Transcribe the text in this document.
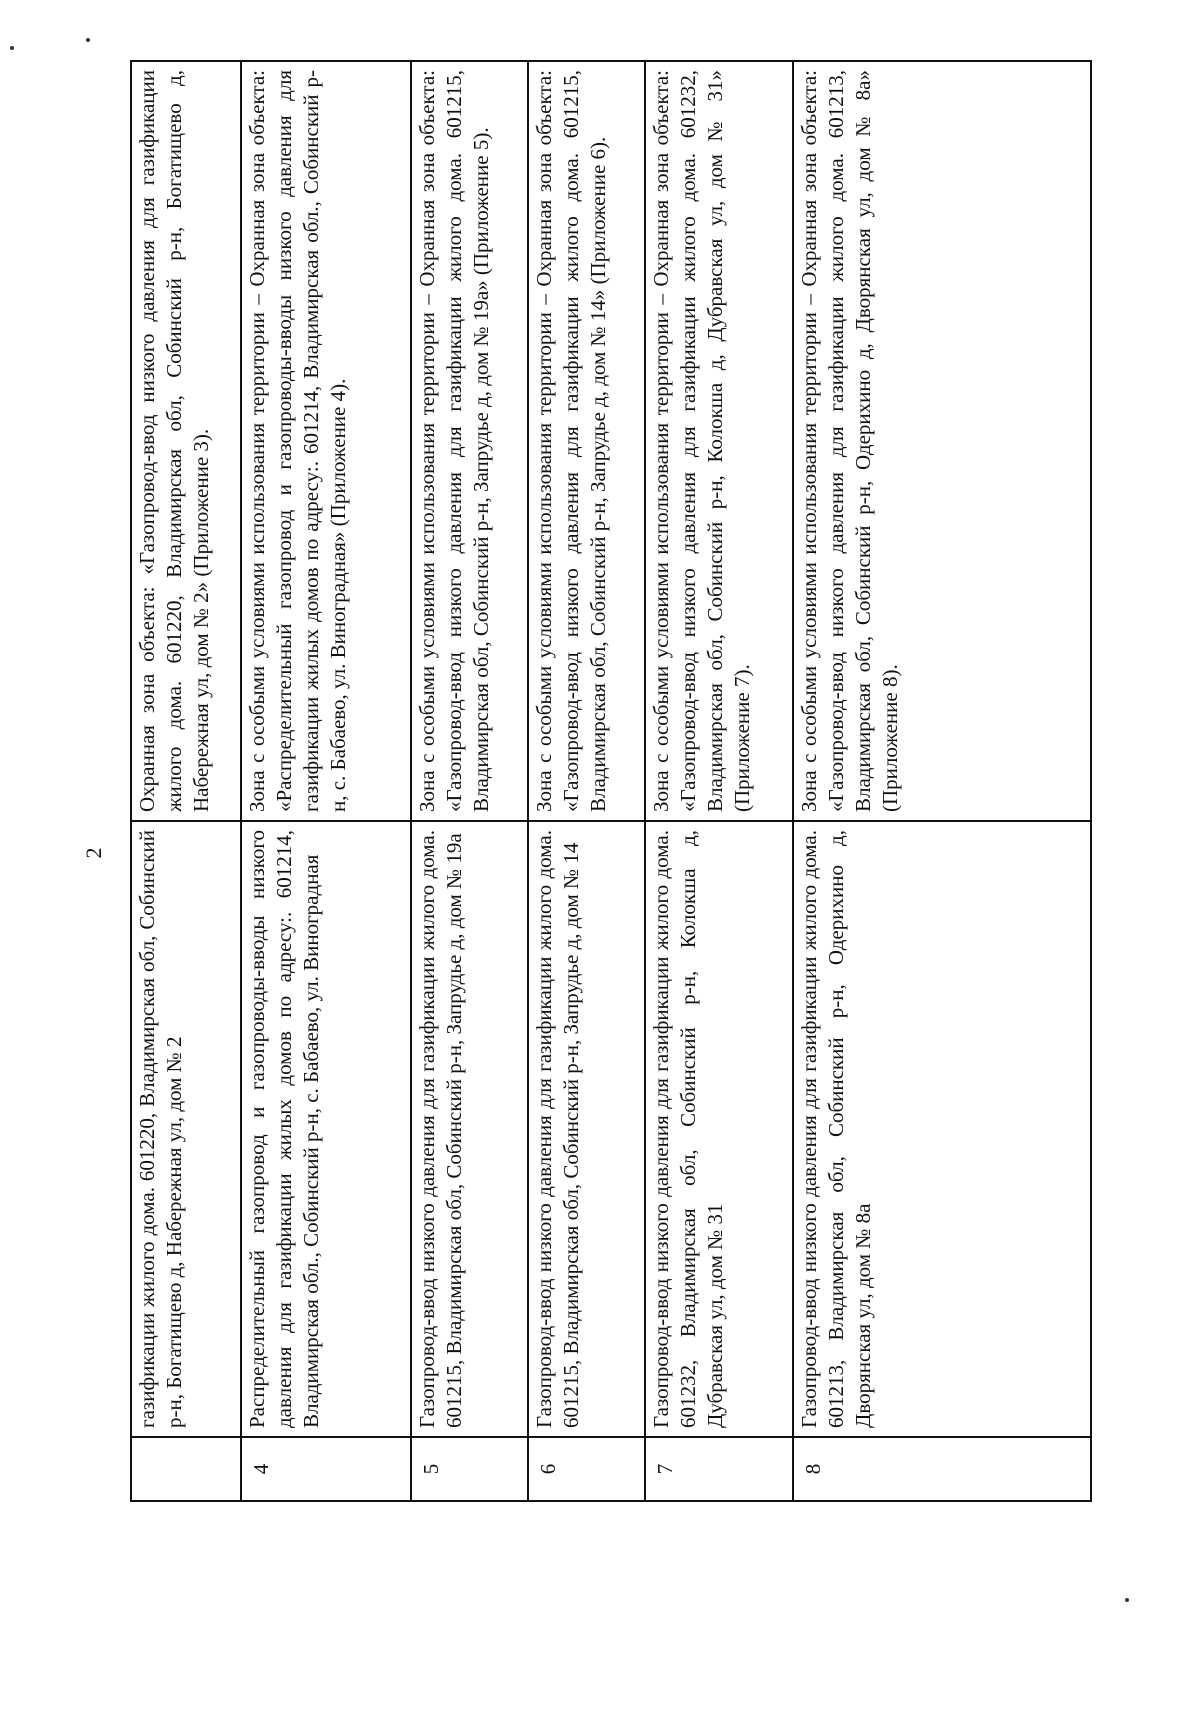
2
	газификации жилого дома. 601220, Владимирская обл, Собинский р-н, Богатищево д, Набережная ул, дом № 2	Охранная зона объекта: «Газопровод-ввод низкого давления для газификации жилого дома. 601220, Владимирская обл, Собинский р-н, Богатищево д, Набережная ул, дом № 2» (Приложение 3).
4	Распределительный газопровод и газопроводы-вводы низкого давления для газификации жилых домов по адресу:. 601214, Владимирская обл., Собинский р-н, с. Бабаево, ул. Виноградная	Зона с особыми условиями использования территории – Охранная зона объекта: «Распределительный газопровод и газопроводы-вводы низкого давления для газификации жилых домов по адресу:. 601214, Владимирская обл., Собинский р-н, с. Бабаево, ул. Виноградная» (Приложение 4).
5	Газопровод-ввод низкого давления для газификации жилого дома. 601215, Владимирская обл, Собинский р-н, Запрудье д, дом № 19а	Зона с особыми условиями использования территории – Охранная зона объекта: «Газопровод-ввод низкого давления для газификации жилого дома. 601215, Владимирская обл, Собинский р-н, Запрудье д, дом № 19а» (Приложение 5).
6	Газопровод-ввод низкого давления для газификации жилого дома. 601215, Владимирская обл, Собинский р-н, Запрудье д, дом № 14	Зона с особыми условиями использования территории – Охранная зона объекта: «Газопровод-ввод низкого давления для газификации жилого дома. 601215, Владимирская обл, Собинский р-н, Запрудье д, дом № 14» (Приложение 6).
7	Газопровод-ввод низкого давления для газификации жилого дома. 601232, Владимирская обл, Собинский р-н, Колокша д, Дубравская ул, дом № 31	Зона с особыми условиями использования территории – Охранная зона объекта: «Газопровод-ввод низкого давления для газификации жилого дома. 601232, Владимирская обл, Собинский р-н, Колокша д, Дубравская ул, дом № 31» (Приложение 7).
8	Газопровод-ввод низкого давления для газификации жилого дома. 601213, Владимирская обл, Собинский р-н, Одерихино д, Дворянская ул, дом № 8а	Зона с особыми условиями использования территории – Охранная зона объекта: «Газопровод-ввод низкого давления для газификации жилого дома. 601213, Владимирская обл, Собинский р-н, Одерихино д, Дворянская ул, дом № 8а» (Приложение 8).
